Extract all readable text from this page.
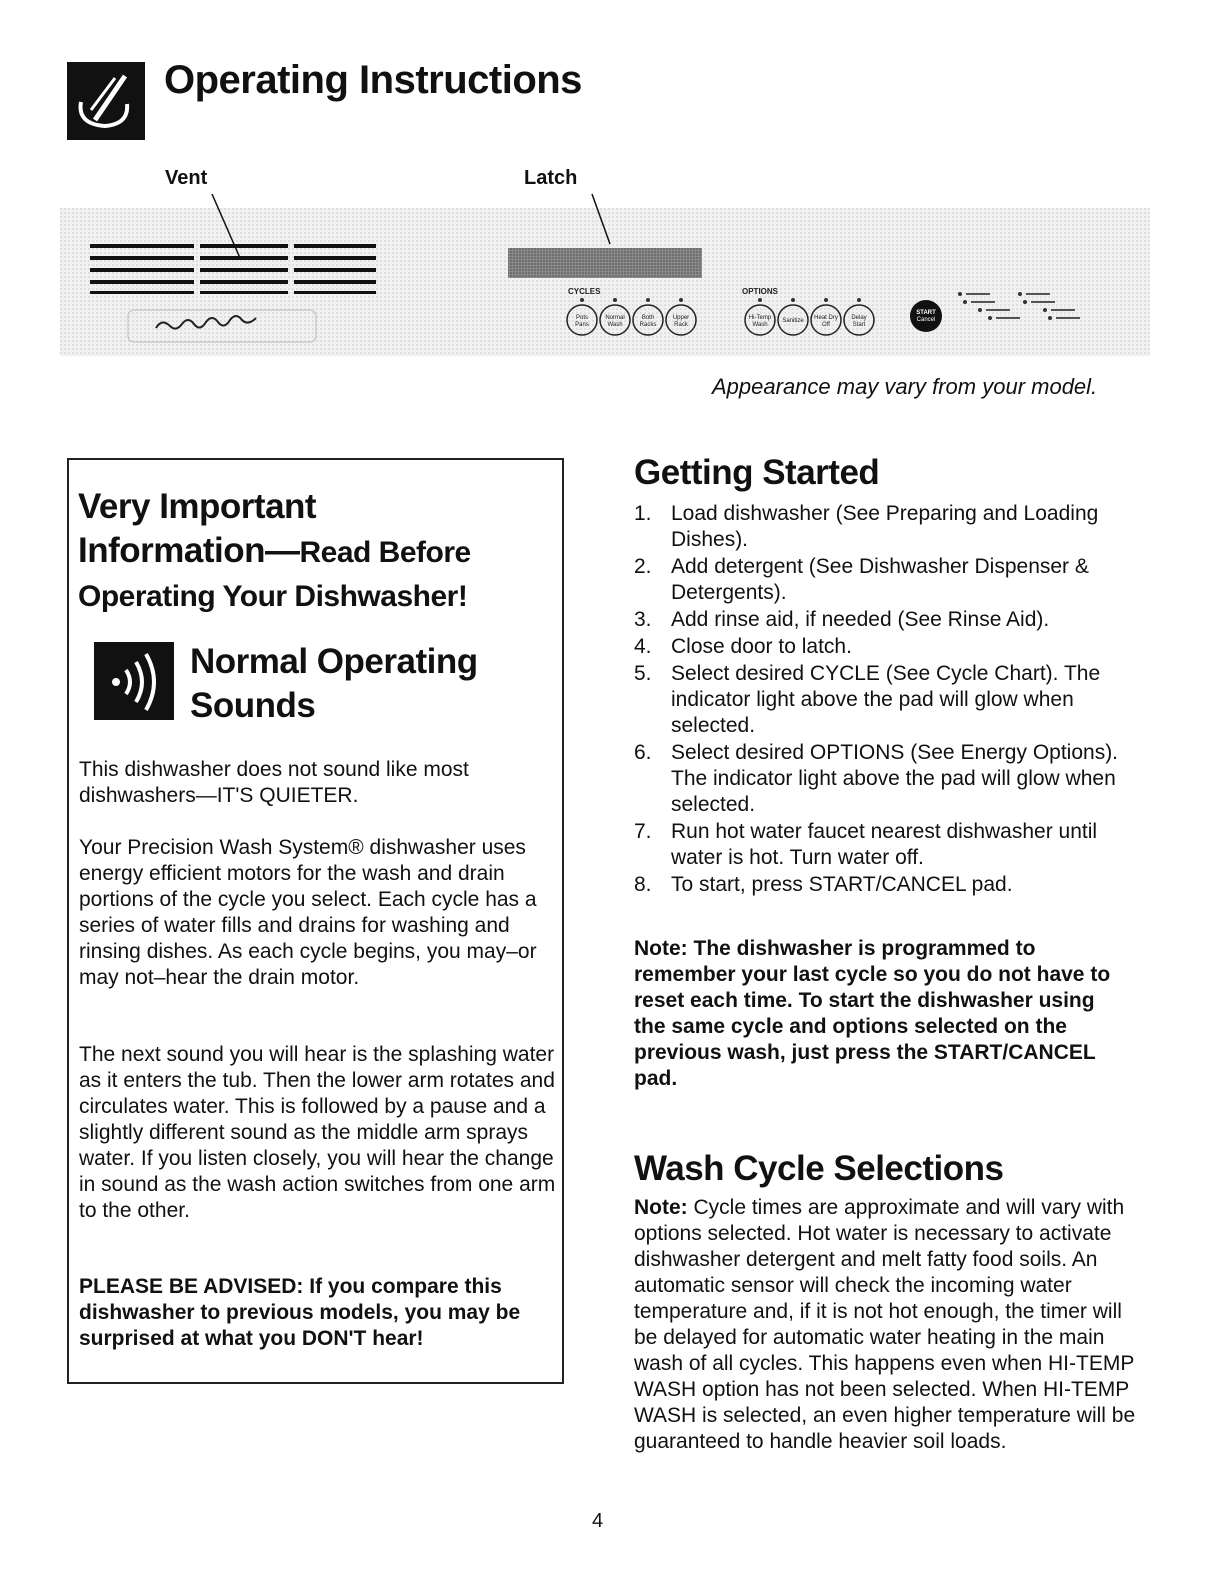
Operating Instructions
Vent	Latch
CYCLES	OPTIONS
Pots
Pans
Normal
Wash
Both
Racks
Upper
Rack
Hi-Temp
Wash
Sanitize Heat Dry
Off
Delay
Start
START
Cancel
Appearance may vary from your model.
Very Important
Information—Read Before
Operating Your Dishwasher!
Normal Operating
Sounds
This dishwasher does not sound like most dishwashers—IT'S QUIETER.
Your Precision Wash System® dishwasher uses energy efficient motors for the wash and drain portions of the cycle you select. Each cycle has a series of water fills and drains for washing and rinsing dishes. As each cycle begins, you may–or may not–hear the drain motor.
The next sound you will hear is the splashing water as it enters the tub. Then the lower arm rotates and circulates water. This is followed by a pause and a slightly different sound as the middle arm sprays water. If you listen closely, you will hear the change in sound as the wash action switches from one arm to the other.
PLEASE BE ADVISED: If you compare this dishwasher to previous models, you may be surprised at what you DON'T hear!
Getting Started
1. Load dishwasher (See Preparing and Loading Dishes).
2. Add detergent (See Dishwasher Dispenser & Detergents).
3. Add rinse aid, if needed (See Rinse Aid).
4. Close door to latch.
5. Select desired CYCLE (See Cycle Chart). The indicator light above the pad will glow when selected.
6. Select desired OPTIONS (See Energy Options). The indicator light above the pad will glow when selected.
7. Run hot water faucet nearest dishwasher until water is hot. Turn water off.
8. To start, press START/CANCEL pad.
Note: The dishwasher is programmed to remember your last cycle so you do not have to reset each time. To start the dishwasher using the same cycle and options selected on the previous wash, just press the START/CANCEL pad.
Wash Cycle Selections
Note: Cycle times are approximate and will vary with options selected. Hot water is necessary to activate dishwasher detergent and melt fatty food soils. An automatic sensor will check the incoming water temperature and, if it is not hot enough, the timer will be delayed for automatic water heating in the main wash of all cycles. This happens even when HI-TEMP WASH option has not been selected. When HI-TEMP WASH is selected, an even higher temperature will be guaranteed to handle heavier soil loads.
4
